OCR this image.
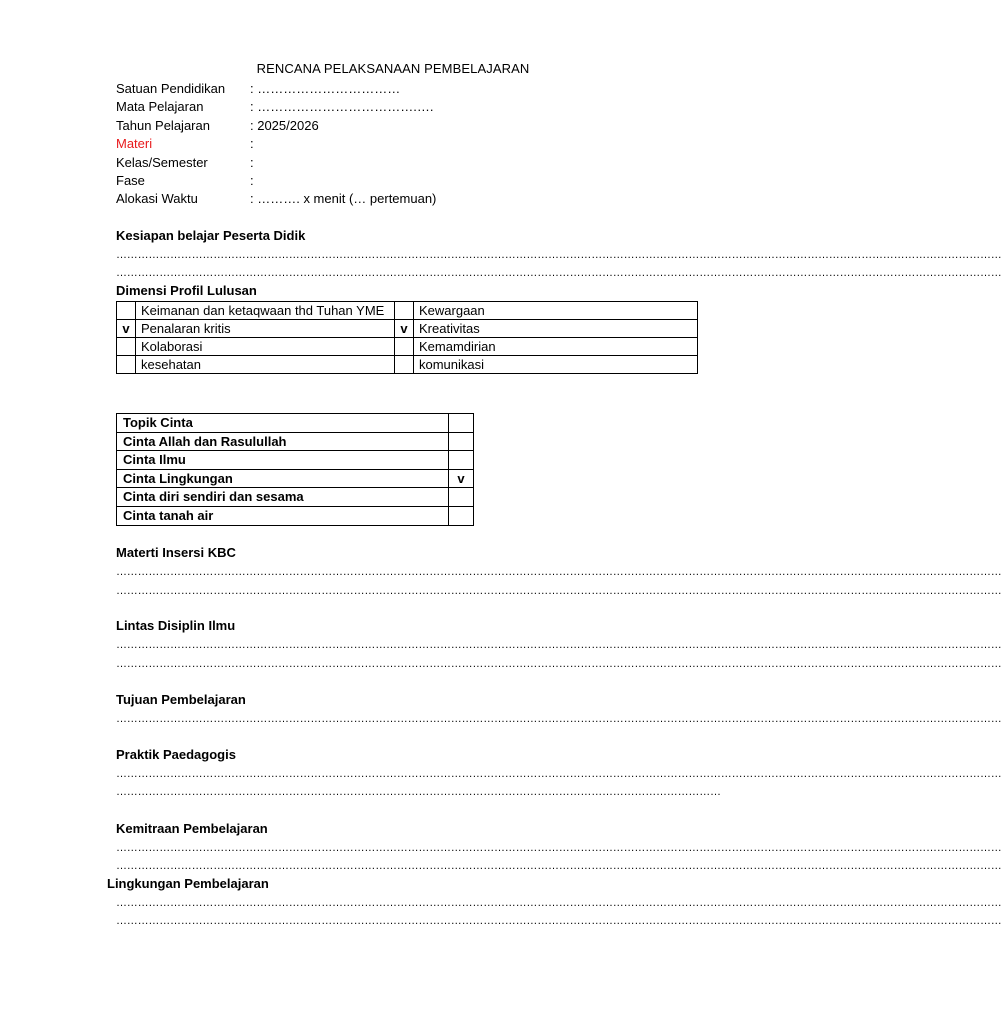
RENCANA PELAKSANAAN PEMBELAJARAN
Satuan Pendidikan : ……………………………
Mata Pelajaran	: ……………………………….….
Tahun Pelajaran	: 2025/2026
Materi	:
Kelas/Semester	:
Fase	:
Alokasi Waktu	: ………. x menit (… pertemuan)
Kesiapan belajar Peserta Didik
…………………………………………………………………………………………………………………………………………………………………………………………………………………………
…………………………………………………………………………………………………………………………………………………………………………………………………………………………
Dimensi Profil Lulusan
	Keimanan dan ketaqwaan thd Tuhan YME		Kewargaan
v	Penalaran kritis	v	Kreativitas
	Kolaborasi		Kemamdirian
	kesehatan		komunikasi
Topik Cinta	
Cinta Allah dan Rasulullah	
Cinta Ilmu	
Cinta Lingkungan	v
Cinta diri sendiri dan sesama	
Cinta tanah air	
Materti Insersi KBC
…………………………………………………………………………………………………………………………………………………………………………………………………………………………
…………………………………………………………………………………………………………………………………………………………………………………………………………………………
Lintas Disiplin Ilmu
…………………………………………………………………………………………………………………………………………………………………………………………………………………………
…………………………………………………………………………………………………………………………………………………………………………………………………………………………
Tujuan Pembelajaran
…………………………………………………………………………………………………………………………………………………………………………………………………………………………
Praktik Paedagogis
…………………………………………………………………………………………………………………………………………………………………………………………………………………………
……………………………………………………………………………………………………………………………………………………
Kemitraan Pembelajaran
…………………………………………………………………………………………………………………………………………………………………………………………………………………………
…………………………………………………………………………………………………………………………………………………………………………………………………………………………
Lingkungan Pembelajaran
…………………………………………………………………………………………………………………………………………………………………………………………………………………………
…………………………………………………………………………………………………………………………………………………………………………………………………………………………
